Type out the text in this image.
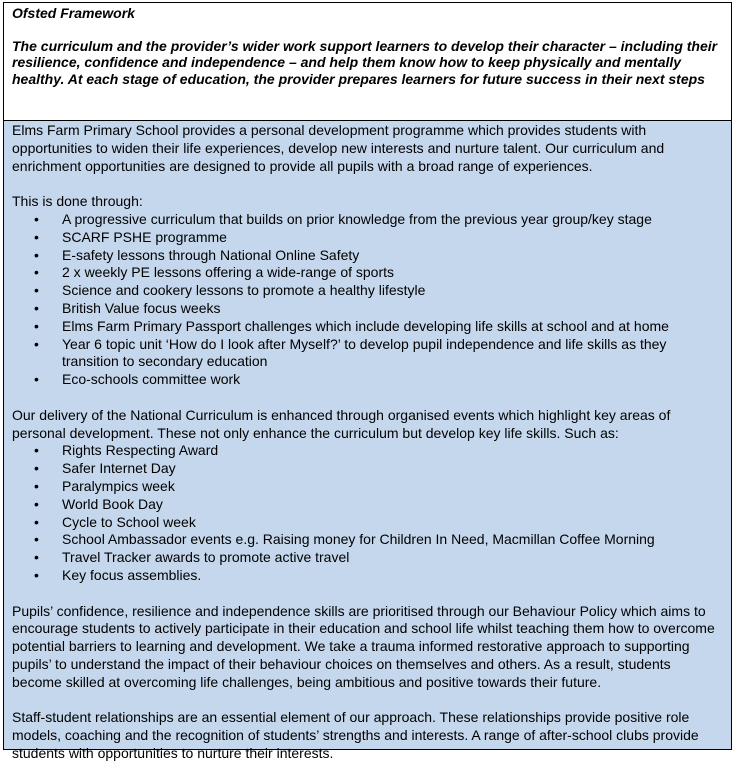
Ofsted Framework

The curriculum and the provider’s wider work support learners to develop their character – including their resilience, confidence and independence – and help them know how to keep physically and mentally healthy. At each stage of education, the provider prepares learners for future success in their next steps

Elms Farm Primary School provides a personal development programme which provides students with opportunities to widen their life experiences, develop new interests and nurture talent. Our curriculum and enrichment opportunities are designed to provide all pupils with a broad range of experiences.

This is done through:

• A progressive curriculum that builds on prior knowledge from the previous year group/key stage
• SCARF PSHE programme
• E-safety lessons through National Online Safety
• 2 x weekly PE lessons offering a wide-range of sports
• Science and cookery lessons to promote a healthy lifestyle
• British Value focus weeks
• Elms Farm Primary Passport challenges which include developing life skills at school and at home
• Year 6 topic unit ‘How do I look after Myself?’ to develop pupil independence and life skills as they transition to secondary education
• Eco-schools committee work

Our delivery of the National Curriculum is enhanced through organised events which highlight key areas of personal development. These not only enhance the curriculum but develop key life skills. Such as:

• Rights Respecting Award
• Safer Internet Day
• Paralympics week
• World Book Day
• Cycle to School week
• School Ambassador events e.g. Raising money for Children In Need, Macmillan Coffee Morning
• Travel Tracker awards to promote active travel
• Key focus assemblies.

Pupils’ confidence, resilience and independence skills are prioritised through our Behaviour Policy which aims to encourage students to actively participate in their education and school life whilst teaching them how to overcome potential barriers to learning and development. We take a trauma informed restorative approach to supporting pupils’ to understand the impact of their behaviour choices on themselves and others. As a result, students become skilled at overcoming life challenges, being ambitious and positive towards their future.

Staff-student relationships are an essential element of our approach. These relationships provide positive role models, coaching and the recognition of students’ strengths and interests. A range of after-school clubs provide students with opportunities to nurture their interests.
